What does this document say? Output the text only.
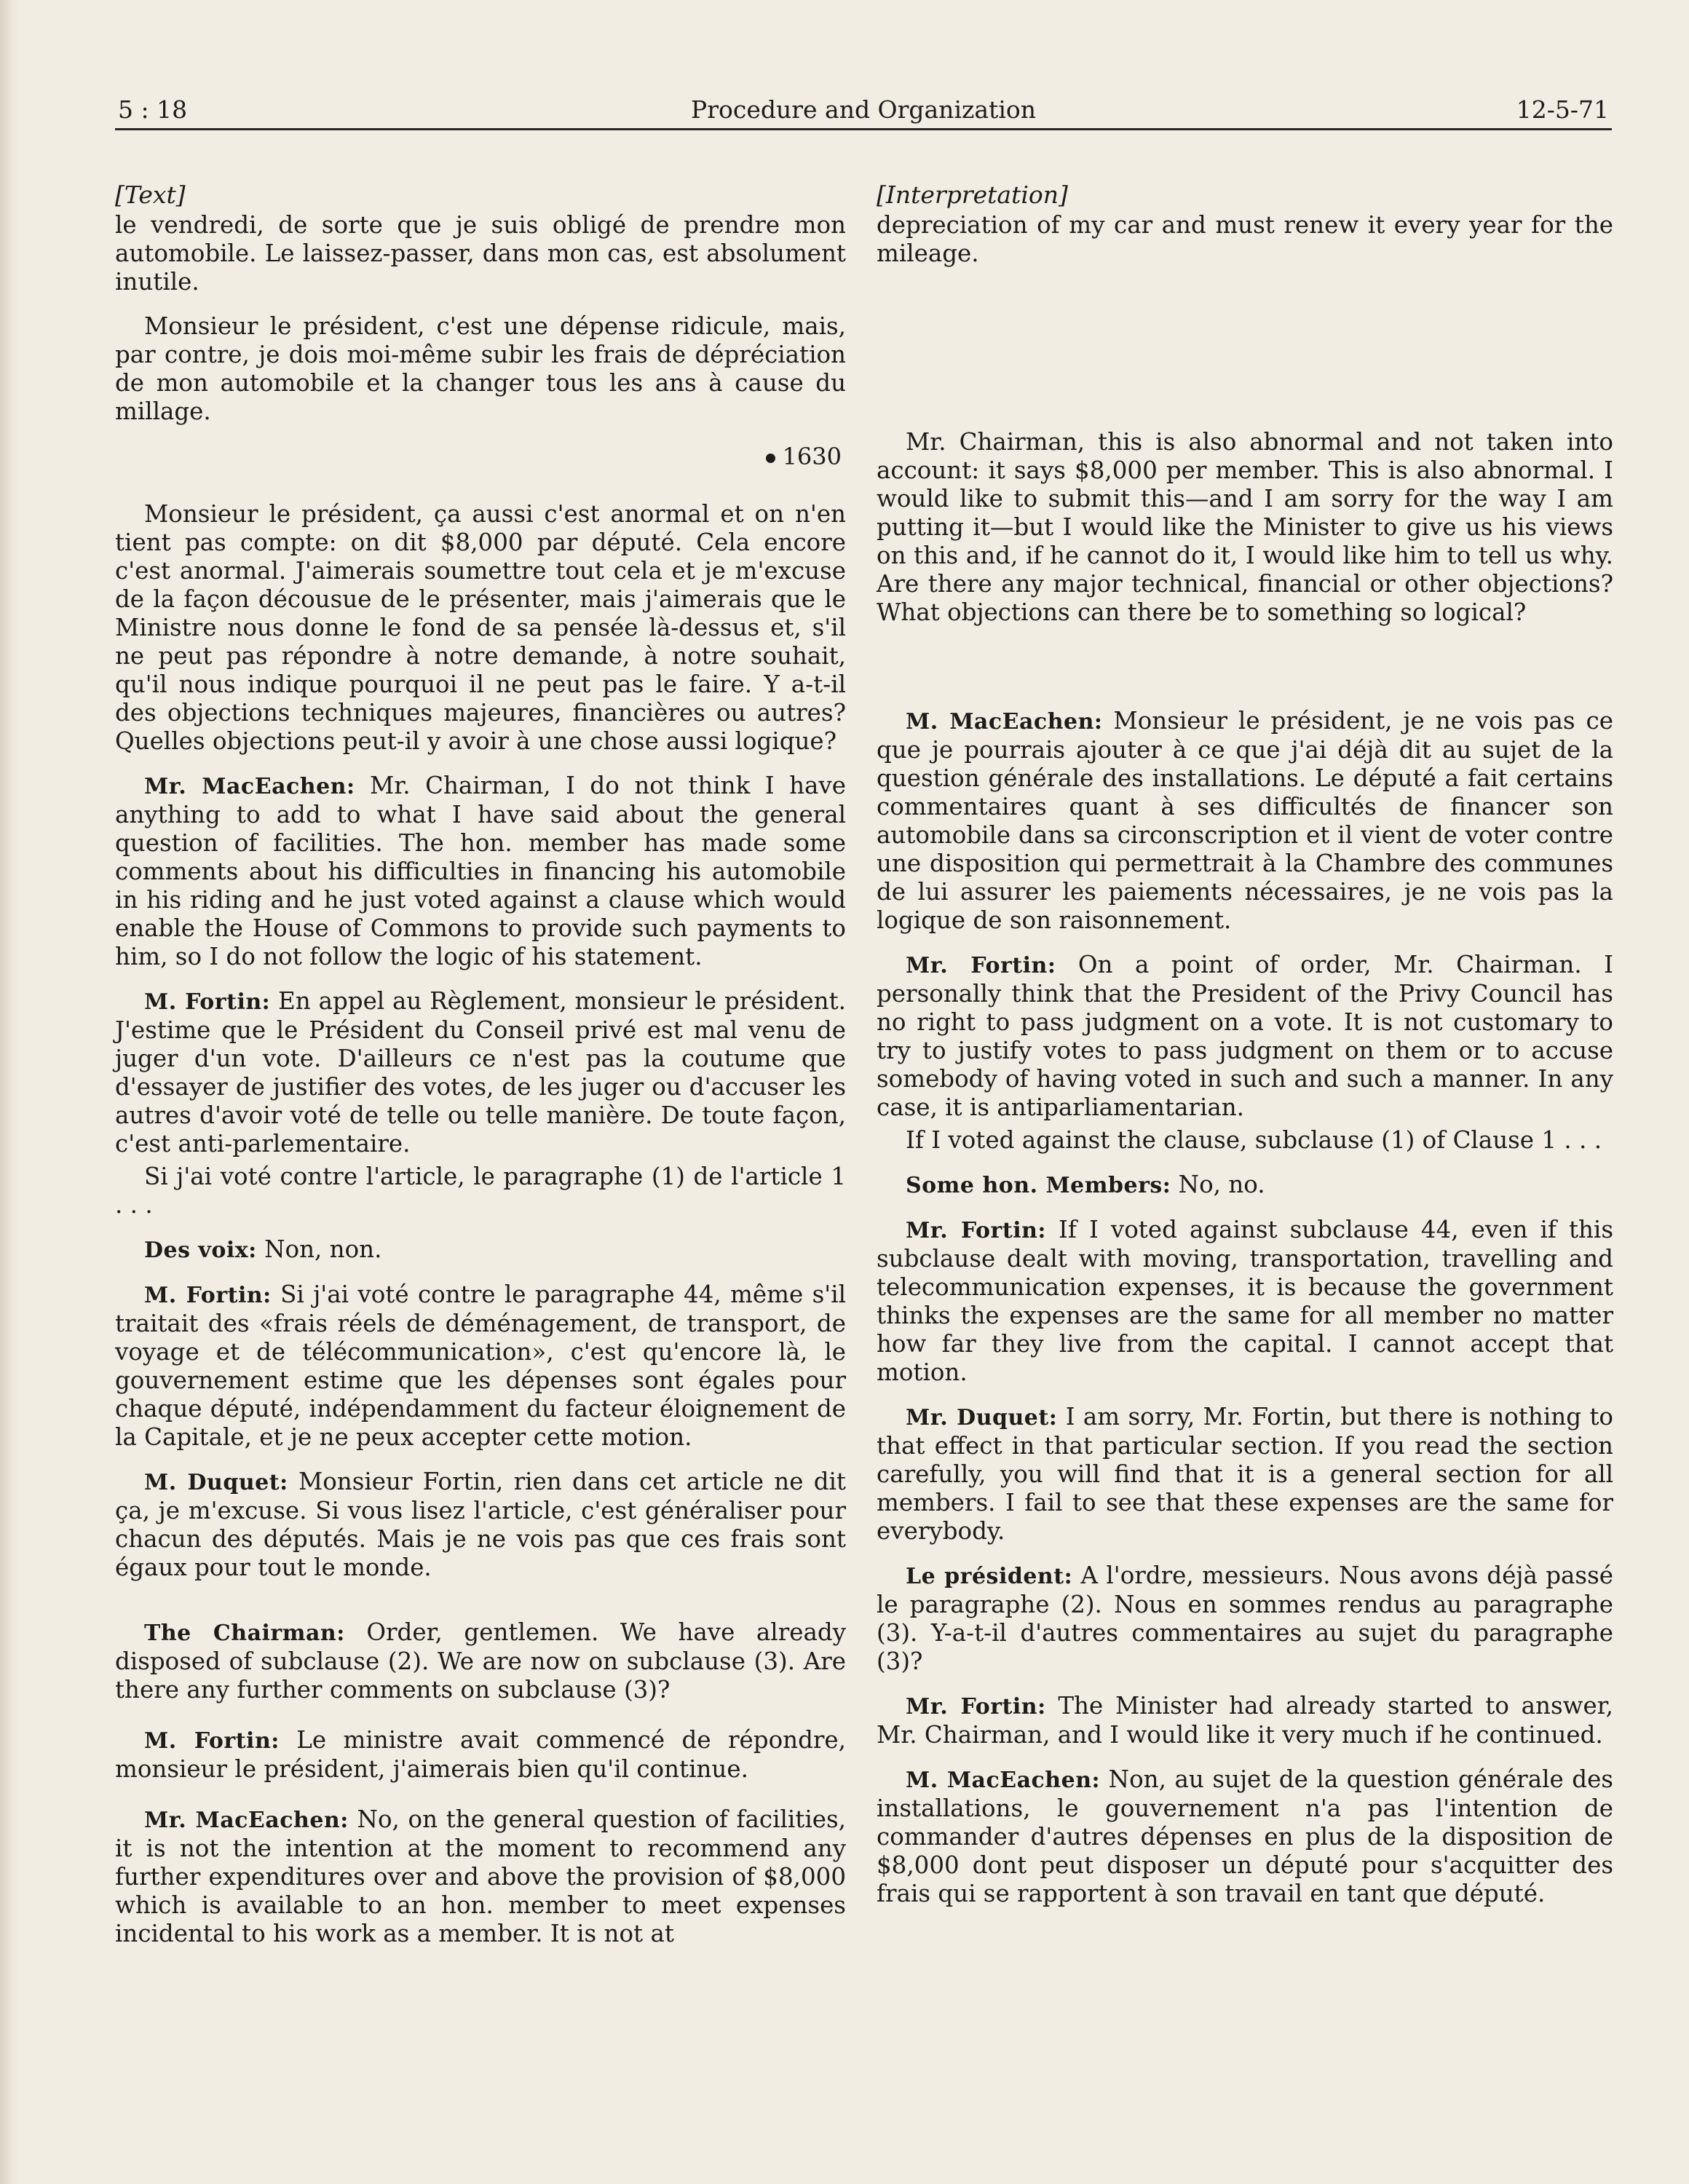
5 : 18	Procedure and Organization	12-5-71
[Text]

le vendredi, de sorte que je suis obligé de prendre mon automobile. Le laissez-passer, dans mon cas, est absolument inutile.

Monsieur le président, c'est une dépense ridicule, mais, par contre, je dois moi-même subir les frais de dépréciation de mon automobile et la changer tous les ans à cause du millage.

1630

Monsieur le président, ça aussi c'est anormal et on n'en tient pas compte: on dit $8,000 par député. Cela encore c'est anormal. J'aimerais soumettre tout cela et je m'excuse de la façon décousue de le présenter, mais j'aimerais que le Ministre nous donne le fond de sa pensée là-dessus et, s'il ne peut pas répondre à notre demande, à notre souhait, qu'il nous indique pourquoi il ne peut pas le faire. Y a-t-il des objections techniques majeures, financières ou autres? Quelles objections peut-il y avoir à une chose aussi logique?

Mr. MacEachen: Mr. Chairman, I do not think I have anything to add to what I have said about the general question of facilities. The hon. member has made some comments about his difficulties in financing his automobile in his riding and he just voted against a clause which would enable the House of Commons to provide such payments to him, so I do not follow the logic of his statement.

M. Fortin: En appel au Règlement, monsieur le président. J'estime que le Président du Conseil privé est mal venu de juger d'un vote. D'ailleurs ce n'est pas la coutume que d'essayer de justifier des votes, de les juger ou d'accuser les autres d'avoir voté de telle ou telle manière. De toute façon, c'est anti-parlementaire.

Si j'ai voté contre l'article, le paragraphe (1) de l'article 1 . . .

Des voix: Non, non.

M. Fortin: Si j'ai voté contre le paragraphe 44, même s'il traitait des «frais réels de déménagement, de transport, de voyage et de télécommunication», c'est qu'encore là, le gouvernement estime que les dépenses sont égales pour chaque député, indépendamment du facteur éloignement de la Capitale, et je ne peux accepter cette motion.

M. Duquet: Monsieur Fortin, rien dans cet article ne dit ça, je m'excuse. Si vous lisez l'article, c'est généraliser pour chacun des députés. Mais je ne vois pas que ces frais sont égaux pour tout le monde.

The Chairman: Order, gentlemen. We have already disposed of subclause (2). We are now on subclause (3). Are there any further comments on subclause (3)?

M. Fortin: Le ministre avait commencé de répondre, monsieur le président, j'aimerais bien qu'il continue.

Mr. MacEachen: No, on the general question of facilities, it is not the intention at the moment to recommend any further expenditures over and above the provision of $8,000 which is available to an hon. member to meet expenses incidental to his work as a member. It is not at

[Interpretation]

depreciation of my car and must renew it every year for the mileage.

Mr. Chairman, this is also abnormal and not taken into account: it says $8,000 per member. This is also abnormal. I would like to submit this—and I am sorry for the way I am putting it—but I would like the Minister to give us his views on this and, if he cannot do it, I would like him to tell us why. Are there any major technical, financial or other objections? What objections can there be to something so logical?

M. MacEachen: Monsieur le président, je ne vois pas ce que je pourrais ajouter à ce que j'ai déjà dit au sujet de la question générale des installations. Le député a fait certains commentaires quant à ses difficultés de financer son automobile dans sa circonscription et il vient de voter contre une disposition qui permettrait à la Chambre des communes de lui assurer les paiements nécessaires, je ne vois pas la logique de son raisonnement.

Mr. Fortin: On a point of order, Mr. Chairman. I personally think that the President of the Privy Council has no right to pass judgment on a vote. It is not customary to try to justify votes to pass judgment on them or to accuse somebody of having voted in such and such a manner. In any case, it is antiparliamentarian.

If I voted against the clause, subclause (1) of Clause 1 . . .

Some hon. Members: No, no.

Mr. Fortin: If I voted against subclause 44, even if this subclause dealt with moving, transportation, travelling and telecommunication expenses, it is because the government thinks the expenses are the same for all member no matter how far they live from the capital. I cannot accept that motion.

Mr. Duquet: I am sorry, Mr. Fortin, but there is nothing to that effect in that particular section. If you read the section carefully, you will find that it is a general section for all members. I fail to see that these expenses are the same for everybody.

Le président: A l'ordre, messieurs. Nous avons déjà passé le paragraphe (2). Nous en sommes rendus au paragraphe (3). Y-a-t-il d'autres commentaires au sujet du paragraphe (3)?

Mr. Fortin: The Minister had already started to answer, Mr. Chairman, and I would like it very much if he continued.

M. MacEachen: Non, au sujet de la question générale des installations, le gouvernement n'a pas l'intention de commander d'autres dépenses en plus de la disposition de $8,000 dont peut disposer un député pour s'acquitter des frais qui se rapportent à son travail en tant que député.
